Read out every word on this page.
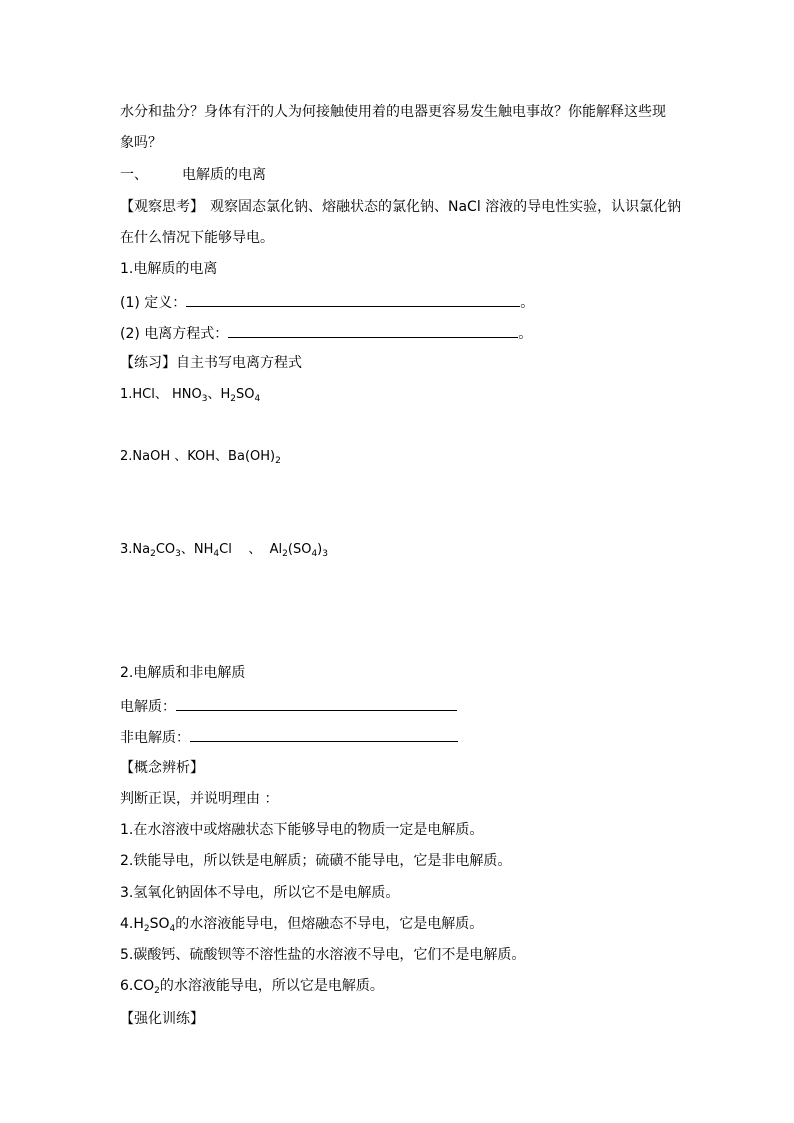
水分和盐分？身体有汗的人为何接触使用着的电器更容易发生触电事故？你能解释这些现
象吗？
一、 电解质的电离
【观察思考】 观察固态氯化钠、熔融状态的氯化钠、NaCl 溶液的导电性实验，认识氯化钠
在什么情况下能够导电。
1.电解质的电离
(1) 定义：	。
(2) 电离方程式：	。
【练习】自主书写电离方程式
1.HCl、 $HNO_3$、$H_2SO_4$
2.NaOH 、KOH、$Ba(OH)_2$
$3.Na_2CO_3$、$NH_4Cl$    、  $Al_2(SO_4)_3$
2.电解质和非电解质
电解质：
非电解质：
【概念辨析】
判断正误，并说明理由 ：
1.在水溶液中或熔融状态下能够导电的物质一定是电解质。
2.铁能导电，所以铁是电解质；硫磺不能导电，它是非电解质。
3.氢氧化钠固体不导电，所以它不是电解质。
$4.H_2SO_4$的水溶液能导电，但熔融态不导电，它是电解质。
5.碳酸钙、硫酸钡等不溶性盐的水溶液不导电，它们不是电解质。
$6.CO_2$的水溶液能导电，所以它是电解质。
【强化训练】
